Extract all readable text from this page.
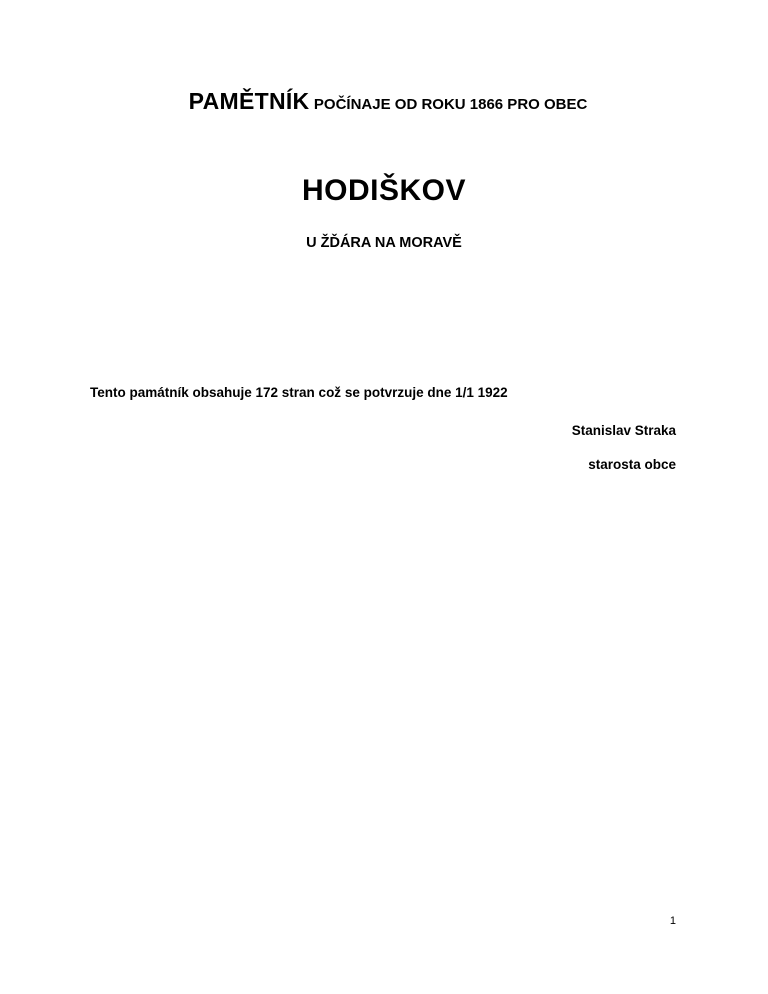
PAMĚTNÍK POČÍNAJE OD ROKU 1866 PRO OBEC
HODIŠKOV
U ŽĎÁRA NA MORAVĚ
Tento památník obsahuje 172 stran což se potvrzuje dne 1/1 1922
Stanislav Straka
starosta obce
1
